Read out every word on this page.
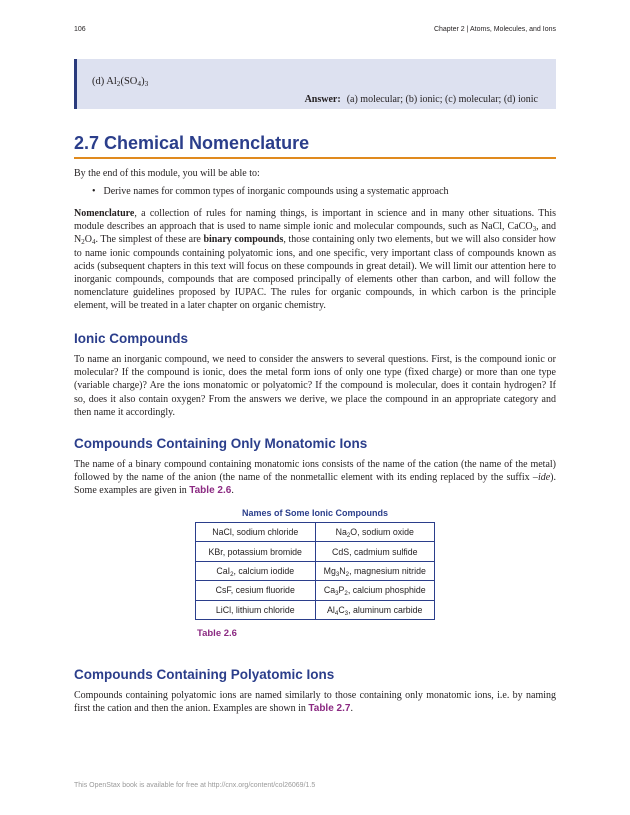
106	Chapter 2 | Atoms, Molecules, and Ions
(d) $Al_2(SO_4)_3$
Answer: (a) molecular; (b) ionic; (c) molecular; (d) ionic
2.7 Chemical Nomenclature
By the end of this module, you will be able to:
• Derive names for common types of inorganic compounds using a systematic approach
Nomenclature, a collection of rules for naming things, is important in science and in many other situations. This module describes an approach that is used to name simple ionic and molecular compounds, such as NaCl, CaCO$_3$, and $N_2O_4$. The simplest of these are binary compounds, those containing only two elements, but we will also consider how to name ionic compounds containing polyatomic ions, and one specific, very important class of compounds known as acids (subsequent chapters in this text will focus on these compounds in great detail). We will limit our attention here to inorganic compounds, compounds that are composed principally of elements other than carbon, and will follow the nomenclature guidelines proposed by IUPAC. The rules for organic compounds, in which carbon is the principle element, will be treated in a later chapter on organic chemistry.
Ionic Compounds
To name an inorganic compound, we need to consider the answers to several questions. First, is the compound ionic or molecular? If the compound is ionic, does the metal form ions of only one type (fixed charge) or more than one type (variable charge)? Are the ions monatomic or polyatomic? If the compound is molecular, does it contain hydrogen? If so, does it also contain oxygen? From the answers we derive, we place the compound in an appropriate category and then name it accordingly.
Compounds Containing Only Monatomic Ions
The name of a binary compound containing monatomic ions consists of the name of the cation (the name of the metal) followed by the name of the anion (the name of the nonmetallic element with its ending replaced by the suffix –ide). Some examples are given in Table 2.6.
Names of Some Ionic Compounds
NaCl, sodium chloride	$Na_2O$, sodium oxide
KBr, potassium bromide	CdS, cadmium sulfide
CaI$_2$, calcium iodide	$Mg_3N_2$, magnesium nitride
CsF, cesium fluoride	$Ca_3P_2$, calcium phosphide
LiCl, lithium chloride	$Al_4C_3$, aluminum carbide
Table 2.6
Compounds Containing Polyatomic Ions
Compounds containing polyatomic ions are named similarly to those containing only monatomic ions, i.e. by naming first the cation and then the anion. Examples are shown in Table 2.7.
This OpenStax book is available for free at http://cnx.org/content/col26069/1.5
